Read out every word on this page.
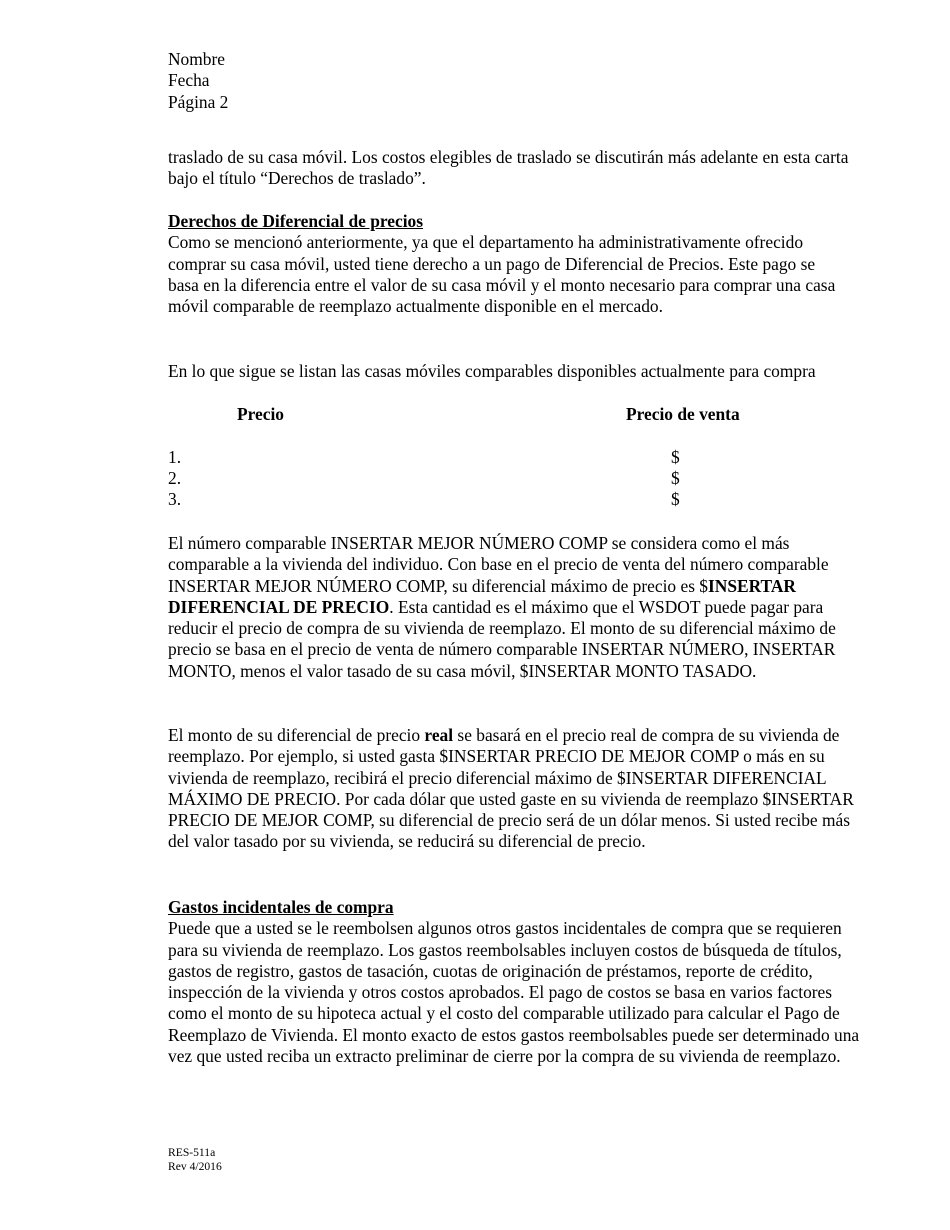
Nombre
Fecha
Página 2

traslado de su casa móvil. Los costos elegibles de traslado se discutirán más adelante en esta carta bajo el título “Derechos de traslado”.

Derechos de Diferencial de precios

Como se mencionó anteriormente, ya que el departamento ha administrativamente ofrecido comprar su casa móvil, usted tiene derecho a un pago de Diferencial de Precios. Este pago se basa en la diferencia entre el valor de su casa móvil y el monto necesario para comprar una casa móvil comparable de reemplazo actualmente disponible en el mercado.

En lo que sigue se listan las casas móviles comparables disponibles actualmente para compra

Precio	Precio de venta
1.	$
2.	$
3.	$

El número comparable INSERTAR MEJOR NÚMERO COMP se considera como el más comparable a la vivienda del individuo. Con base en el precio de venta del número comparable INSERTAR MEJOR NÚMERO COMP, su diferencial máximo de precio es $INSERTAR DIFERENCIAL DE PRECIO. Esta cantidad es el máximo que el WSDOT puede pagar para reducir el precio de compra de su vivienda de reemplazo. El monto de su diferencial máximo de precio se basa en el precio de venta de número comparable INSERTAR NÚMERO, INSERTAR MONTO, menos el valor tasado de su casa móvil, $INSERTAR MONTO TASADO.

El monto de su diferencial de precio real se basará en el precio real de compra de su vivienda de reemplazo. Por ejemplo, si usted gasta $INSERTAR PRECIO DE MEJOR COMP o más en su vivienda de reemplazo, recibirá el precio diferencial máximo de $INSERTAR DIFERENCIAL MÁXIMO DE PRECIO. Por cada dólar que usted gaste en su vivienda de reemplazo $INSERTAR PRECIO DE MEJOR COMP, su diferencial de precio será de un dólar menos. Si usted recibe más del valor tasado por su vivienda, se reducirá su diferencial de precio.

Gastos incidentales de compra

Puede que a usted se le reembolsen algunos otros gastos incidentales de compra que se requieren para su vivienda de reemplazo. Los gastos reembolsables incluyen costos de búsqueda de títulos, gastos de registro, gastos de tasación, cuotas de originación de préstamos, reporte de crédito, inspección de la vivienda y otros costos aprobados. El pago de costos se basa en varios factores como el monto de su hipoteca actual y el costo del comparable utilizado para calcular el Pago de Reemplazo de Vivienda. El monto exacto de estos gastos reembolsables puede ser determinado una vez que usted reciba un extracto preliminar de cierre por la compra de su vivienda de reemplazo.

RES-511a
Rev 4/2016
